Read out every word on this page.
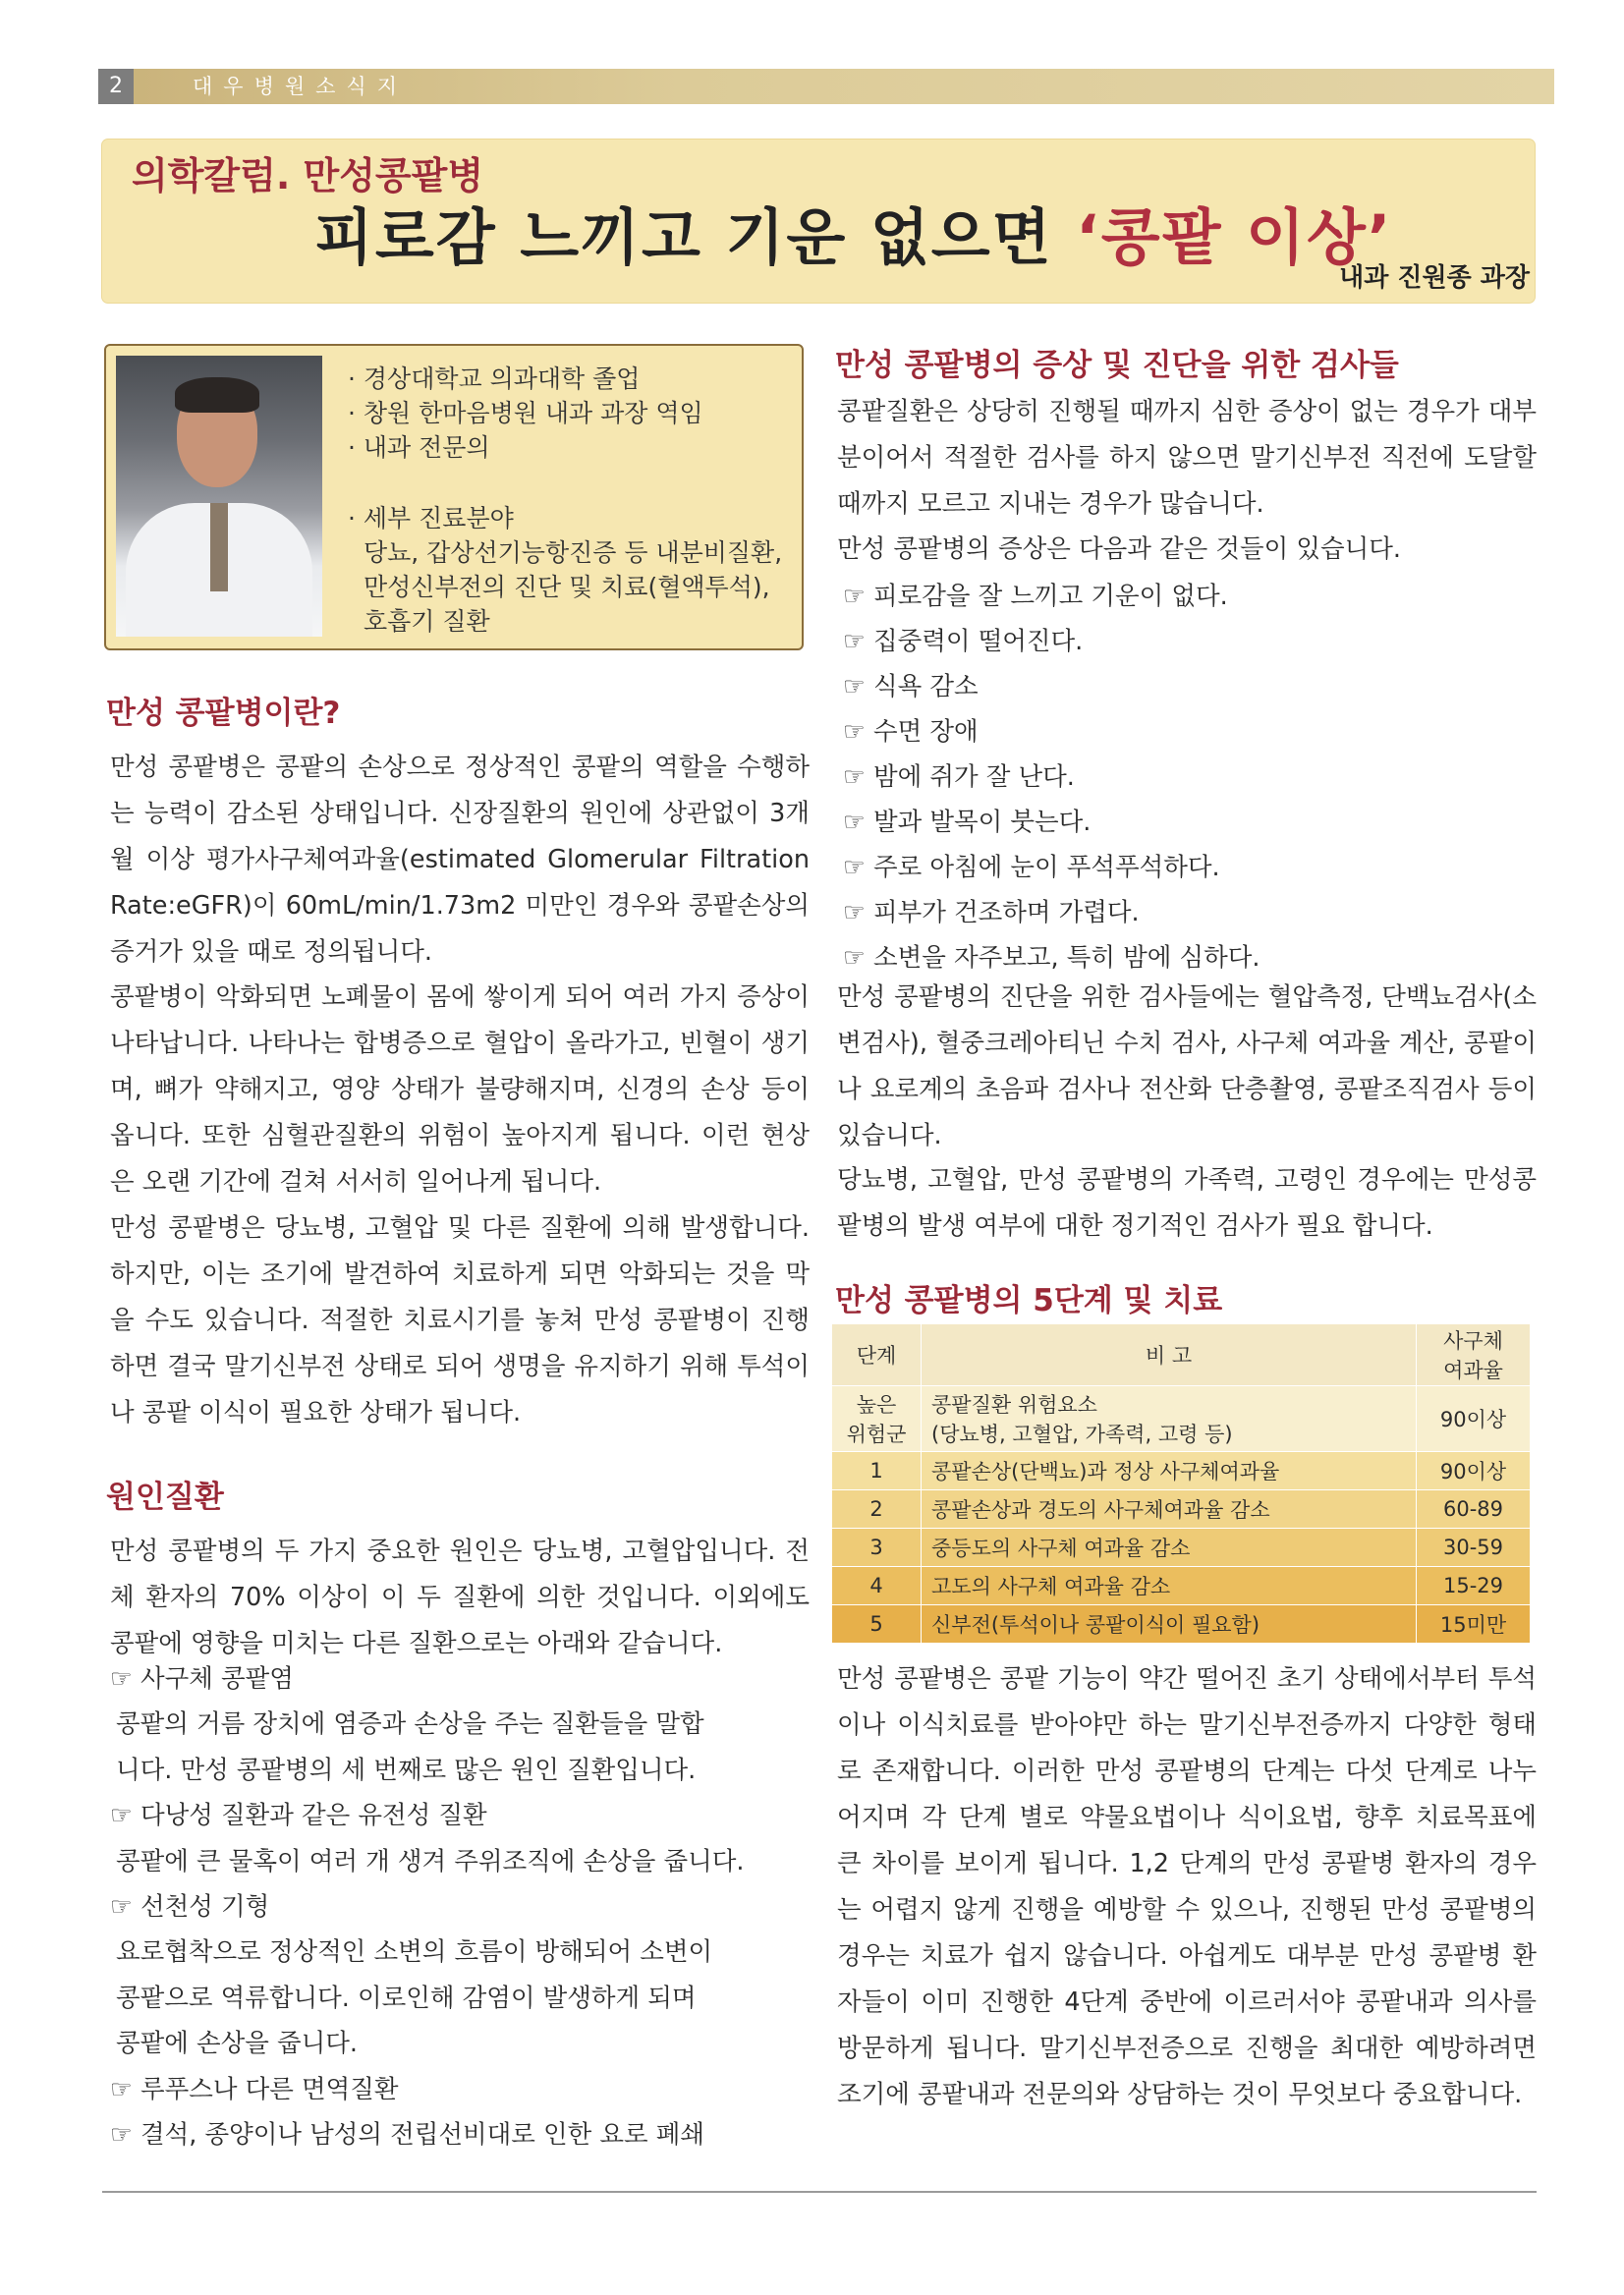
2	대우병원소식지
의학칼럼. 만성콩팥병
피로감 느끼고 기운 없으면 ‘콩팥 이상’
내과 진원종 과장
· 경상대학교 의과대학 졸업
· 창원 한마음병원 내과 과장 역임
· 내과 전문의
· 세부 진료분야
당뇨, 갑상선기능항진증 등 내분비질환,
만성신부전의 진단 및 치료(혈액투석),
호흡기 질환
만성 콩팥병이란?

만성 콩팥병은 콩팥의 손상으로 정상적인 콩팥의 역할을 수행하는 능력이 감소된 상태입니다. 신장질환의 원인에 상관없이 3개월 이상 평가사구체여과율(estimated Glomerular Filtration Rate:eGFR)이 60mL/min/1.73m2 미만인 경우와 콩팥손상의 증거가 있을 때로 정의됩니다.

콩팥병이 악화되면 노폐물이 몸에 쌓이게 되어 여러 가지 증상이 나타납니다. 나타나는 합병증으로 혈압이 올라가고, 빈혈이 생기며, 뼈가 약해지고, 영양 상태가 불량해지며, 신경의 손상 등이 옵니다. 또한 심혈관질환의 위험이 높아지게 됩니다. 이런 현상은 오랜 기간에 걸쳐 서서히 일어나게 됩니다.

만성 콩팥병은 당뇨병, 고혈압 및 다른 질환에 의해 발생합니다. 하지만, 이는 조기에 발견하여 치료하게 되면 악화되는 것을 막을 수도 있습니다. 적절한 치료시기를 놓쳐 만성 콩팥병이 진행하면 결국 말기신부전 상태로 되어 생명을 유지하기 위해 투석이나 콩팥 이식이 필요한 상태가 됩니다.

원인질환

만성 콩팥병의 두 가지 중요한 원인은 당뇨병, 고혈압입니다. 전체 환자의 70% 이상이 이 두 질환에 의한 것입니다. 이외에도 콩팥에 영향을 미치는 다른 질환으로는 아래와 같습니다.

☞ 사구체 콩팥염
콩팥의 거름 장치에 염증과 손상을 주는 질환들을 말합
니다. 만성 콩팥병의 세 번째로 많은 원인 질환입니다.
☞ 다낭성 질환과 같은 유전성 질환
콩팥에 큰 물혹이 여러 개 생겨 주위조직에 손상을 줍니다.
☞ 선천성 기형
요로협착으로 정상적인 소변의 흐름이 방해되어 소변이
콩팥으로 역류합니다. 이로인해 감염이 발생하게 되며
콩팥에 손상을 줍니다.
☞ 루푸스나 다른 면역질환
☞ 결석, 종양이나 남성의 전립선비대로 인한 요로 폐쇄
만성 콩팥병의 증상 및 진단을 위한 검사들

콩팥질환은 상당히 진행될 때까지 심한 증상이 없는 경우가 대부분이어서 적절한 검사를 하지 않으면 말기신부전 직전에 도달할 때까지 모르고 지내는 경우가 많습니다.

만성 콩팥병의 증상은 다음과 같은 것들이 있습니다.

☞ 피로감을 잘 느끼고 기운이 없다.
☞ 집중력이 떨어진다.
☞ 식욕 감소
☞ 수면 장애
☞ 밤에 쥐가 잘 난다.
☞ 발과 발목이 붓는다.
☞ 주로 아침에 눈이 푸석푸석하다.
☞ 피부가 건조하며 가렵다.
☞ 소변을 자주보고, 특히 밤에 심하다.

만성 콩팥병의 진단을 위한 검사들에는 혈압측정, 단백뇨검사(소변검사), 혈중크레아티닌 수치 검사, 사구체 여과율 계산, 콩팥이나 요로계의 초음파 검사나 전산화 단층촬영, 콩팥조직검사 등이 있습니다.

당뇨병, 고혈압, 만성 콩팥병의 가족력, 고령인 경우에는 만성콩팥병의 발생 여부에 대한 정기적인 검사가 필요 합니다.

만성 콩팥병의 5단계 및 치료
단계	비 고	사구체
여과율
높은
위험군	콩팥질환 위험요소
(당뇨병, 고혈압, 가족력, 고령 등)	90이상
1	콩팥손상(단백뇨)과 정상 사구체여과율	90이상
2	콩팥손상과 경도의 사구체여과율 감소	60-89
3	중등도의 사구체 여과율 감소	30-59
4	고도의 사구체 여과율 감소	15-29
5	신부전(투석이나 콩팥이식이 필요함)	15미만

만성 콩팥병은 콩팥 기능이 약간 떨어진 초기 상태에서부터 투석이나 이식치료를 받아야만 하는 말기신부전증까지 다양한 형태로 존재합니다. 이러한 만성 콩팥병의 단계는 다섯 단계로 나누어지며 각 단계 별로 약물요법이나 식이요법, 향후 치료목표에 큰 차이를 보이게 됩니다. 1,2 단계의 만성 콩팥병 환자의 경우는 어렵지 않게 진행을 예방할 수 있으나, 진행된 만성 콩팥병의 경우는 치료가 쉽지 않습니다. 아쉽게도 대부분 만성 콩팥병 환자들이 이미 진행한 4단계 중반에 이르러서야 콩팥내과 의사를 방문하게 됩니다. 말기신부전증으로 진행을 최대한 예방하려면 조기에 콩팥내과 전문의와 상담하는 것이 무엇보다 중요합니다.
